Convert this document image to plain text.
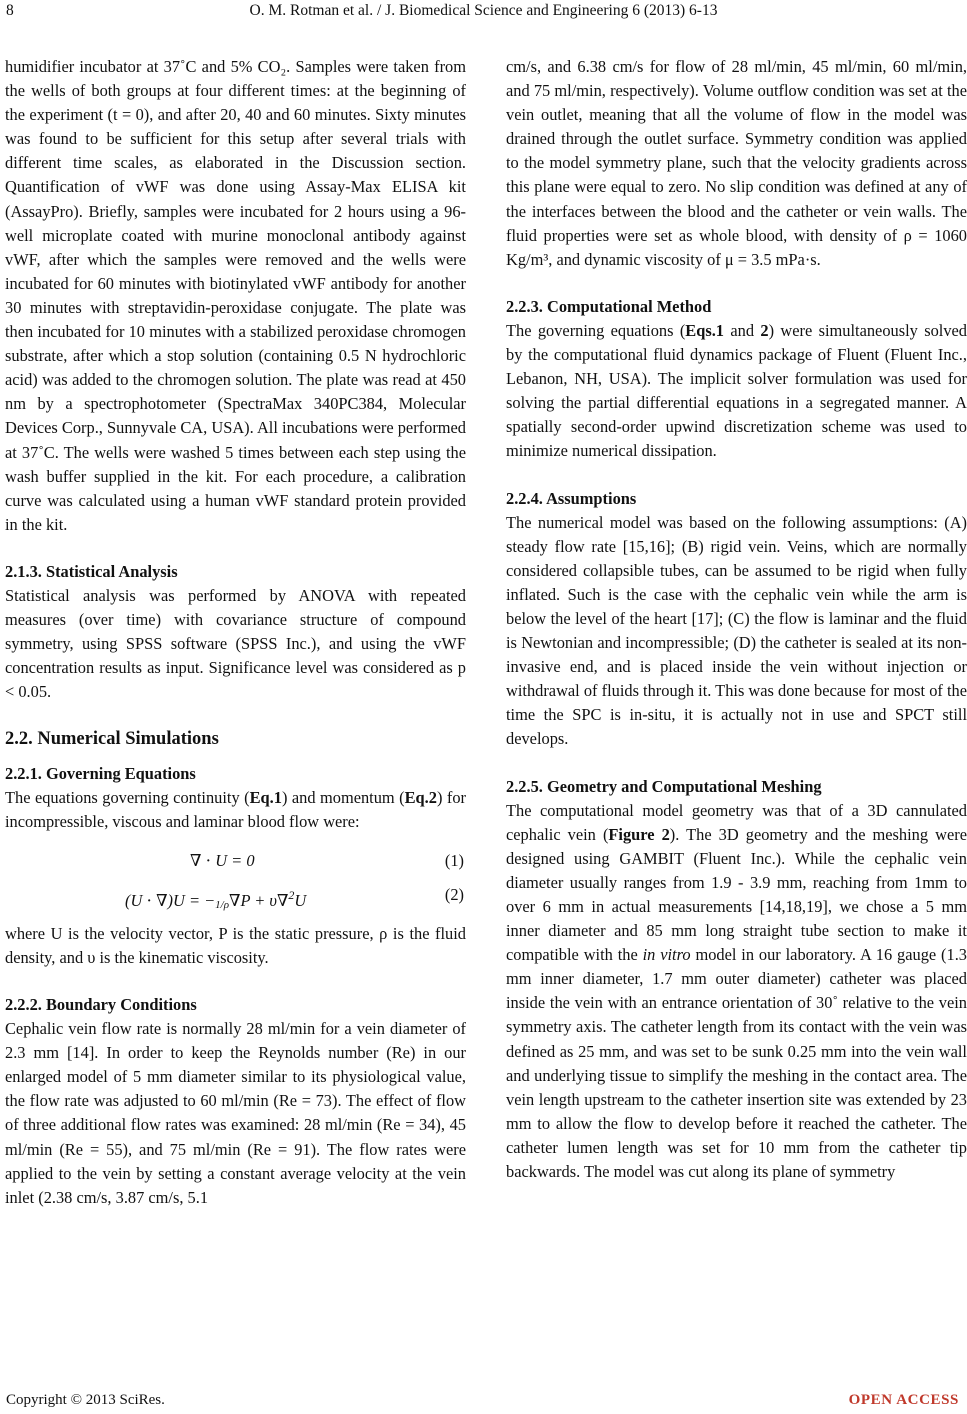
8	O. M. Rotman et al. / J. Biomedical Science and Engineering 6 (2013) 6-13

humidifier incubator at 37˚C and 5% CO₂. Samples were taken from the wells of both groups at four different times: at the beginning of the experiment (t = 0), and after 20, 40 and 60 minutes. Sixty minutes was found to be sufficient for this setup after several trials with different time scales, as elaborated in the Discussion section. Quantification of vWF was done using Assay-Max ELISA kit (AssayPro). Briefly, samples were incubated for 2 hours using a 96-well microplate coated with murine monoclonal antibody against vWF, after which the samples were removed and the wells were incubated for 60 minutes with biotinylated vWF antibody for another 30 minutes with streptavidin-peroxidase conjugate. The plate was then incubated for 10 minutes with a stabilized peroxidase chromogen substrate, after which a stop solution (containing 0.5 N hydrochloric acid) was added to the chromogen solution. The plate was read at 450 nm by a spectrophotometer (SpectraMax 340PC384, Molecular Devices Corp., Sunnyvale CA, USA). All incubations were performed at 37˚C. The wells were washed 5 times between each step using the wash buffer supplied in the kit. For each procedure, a calibration curve was calculated using a human vWF standard protein provided in the kit.

2.1.3. Statistical Analysis

Statistical analysis was performed by ANOVA with repeated measures (over time) with covariance structure of compound symmetry, using SPSS software (SPSS Inc.), and using the vWF concentration results as input. Significance level was considered as p < 0.05.

2.2. Numerical Simulations

2.2.1. Governing Equations

The equations governing continuity (Eq.1) and momentum (Eq.2) for incompressible, viscous and laminar blood flow were:

∇ ⋅ U = 0	(1)
(U ⋅ ∇)U = −1/ρ∇P + υ∇$^2$U	(2)

where U is the velocity vector, P is the static pressure, ρ is the fluid density, and υ is the kinematic viscosity.

2.2.2. Boundary Conditions

Cephalic vein flow rate is normally 28 ml/min for a vein diameter of 2.3 mm [14]. In order to keep the Reynolds number (Re) in our enlarged model of 5 mm diameter similar to its physiological value, the flow rate was adjusted to 60 ml/min (Re = 73). The effect of flow of three additional flow rates was examined: 28 ml/min (Re = 34), 45 ml/min (Re = 55), and 75 ml/min (Re = 91). The flow rates were applied to the vein by setting a constant average velocity at the vein inlet (2.38 cm/s, 3.87 cm/s, 5.1

cm/s, and 6.38 cm/s for flow of 28 ml/min, 45 ml/min, 60 ml/min, and 75 ml/min, respectively). Volume outflow condition was set at the vein outlet, meaning that all the volume of flow in the model was drained through the outlet surface. Symmetry condition was applied to the model symmetry plane, such that the velocity gradients across this plane were equal to zero. No slip condition was defined at any of the interfaces between the blood and the catheter or vein walls. The fluid properties were set as whole blood, with density of ρ = 1060 Kg/m³, and dynamic viscosity of μ = 3.5 mPa·s.

2.2.3. Computational Method

The governing equations (Eqs.1 and 2) were simultaneously solved by the computational fluid dynamics package of Fluent (Fluent Inc., Lebanon, NH, USA). The implicit solver formulation was used for solving the partial differential equations in a segregated manner. A spatially second-order upwind discretization scheme was used to minimize numerical dissipation.

2.2.4. Assumptions

The numerical model was based on the following assumptions: (A) steady flow rate [15,16]; (B) rigid vein. Veins, which are normally considered collapsible tubes, can be assumed to be rigid when fully inflated. Such is the case with the cephalic vein while the arm is below the level of the heart [17]; (C) the flow is laminar and the fluid is Newtonian and incompressible; (D) the catheter is sealed at its non-invasive end, and is placed inside the vein without injection or withdrawal of fluids through it. This was done because for most of the time the SPC is in-situ, it is actually not in use and SPCT still develops.

2.2.5. Geometry and Computational Meshing

The computational model geometry was that of a 3D cannulated cephalic vein (Figure 2). The 3D geometry and the meshing were designed using GAMBIT (Fluent Inc.). While the cephalic vein diameter usually ranges from 1.9 - 3.9 mm, reaching from 1mm to over 6 mm in actual measurements [14,18,19], we chose a 5 mm inner diameter and 85 mm long straight tube section to make it compatible with the in vitro model in our laboratory. A 16 gauge (1.3 mm inner diameter, 1.7 mm outer diameter) catheter was placed inside the vein with an entrance orientation of 30˚ relative to the vein symmetry axis. The catheter length from its contact with the vein was defined as 25 mm, and was set to be sunk 0.25 mm into the vein wall and underlying tissue to simplify the meshing in the contact area. The vein length upstream to the catheter insertion site was extended by 23 mm to allow the flow to develop before it reached the catheter. The catheter lumen length was set for 10 mm from the catheter tip backwards. The model was cut along its plane of symmetry

Copyright © 2013 SciRes.	OPEN ACCESS
